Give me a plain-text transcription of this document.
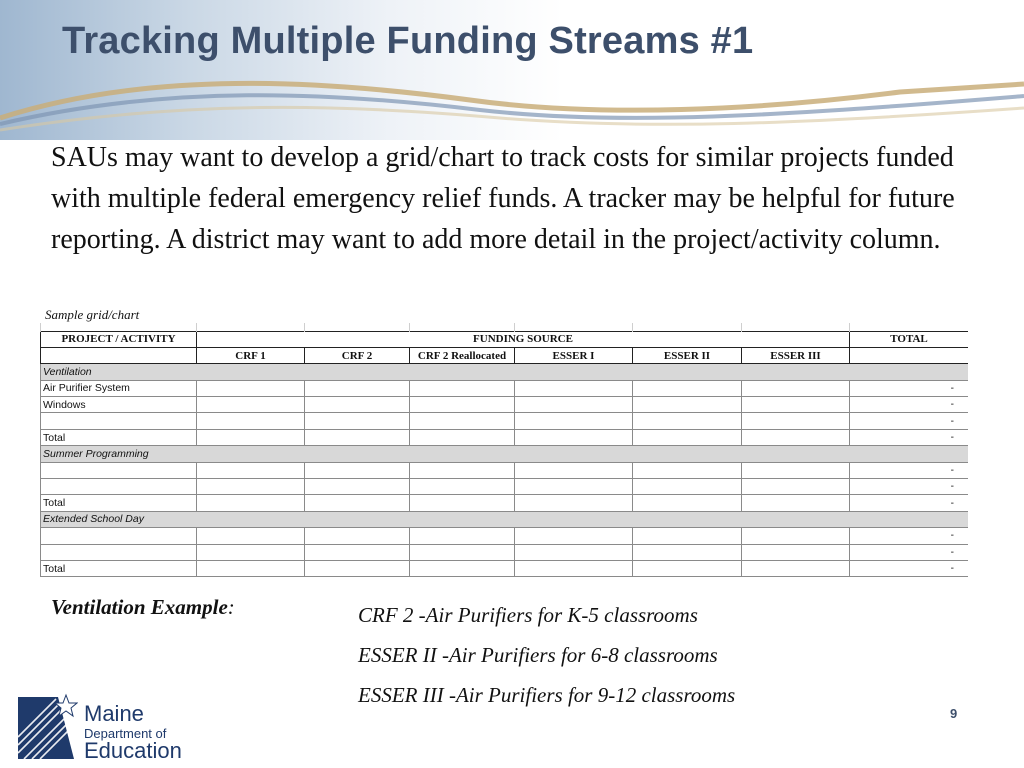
Tracking Multiple Funding Streams #1
SAUs may want to develop a grid/chart to track costs for similar projects funded with multiple federal emergency relief funds. A tracker may be helpful for future reporting. A district may want to add more detail in the project/activity column.
Sample grid/chart

PROJECT / ACTIVITY	FUNDING SOURCE						TOTAL
	CRF 1	CRF 2	CRF 2 Reallocated	ESSER I	ESSER II	ESSER III	
Ventilation							
Air Purifier System							-
Windows							-
							-
Total							-
Summer Programming							
							-
							-
Total							-
Extended School Day							
							-
							-
Total							-
Ventilation Example:	CRF 2 -Air Purifiers for K-5 classrooms
ESSER II -Air Purifiers for 6-8 classrooms
ESSER III -Air Purifiers for 9-12 classrooms
Maine
Department of
Education
9
